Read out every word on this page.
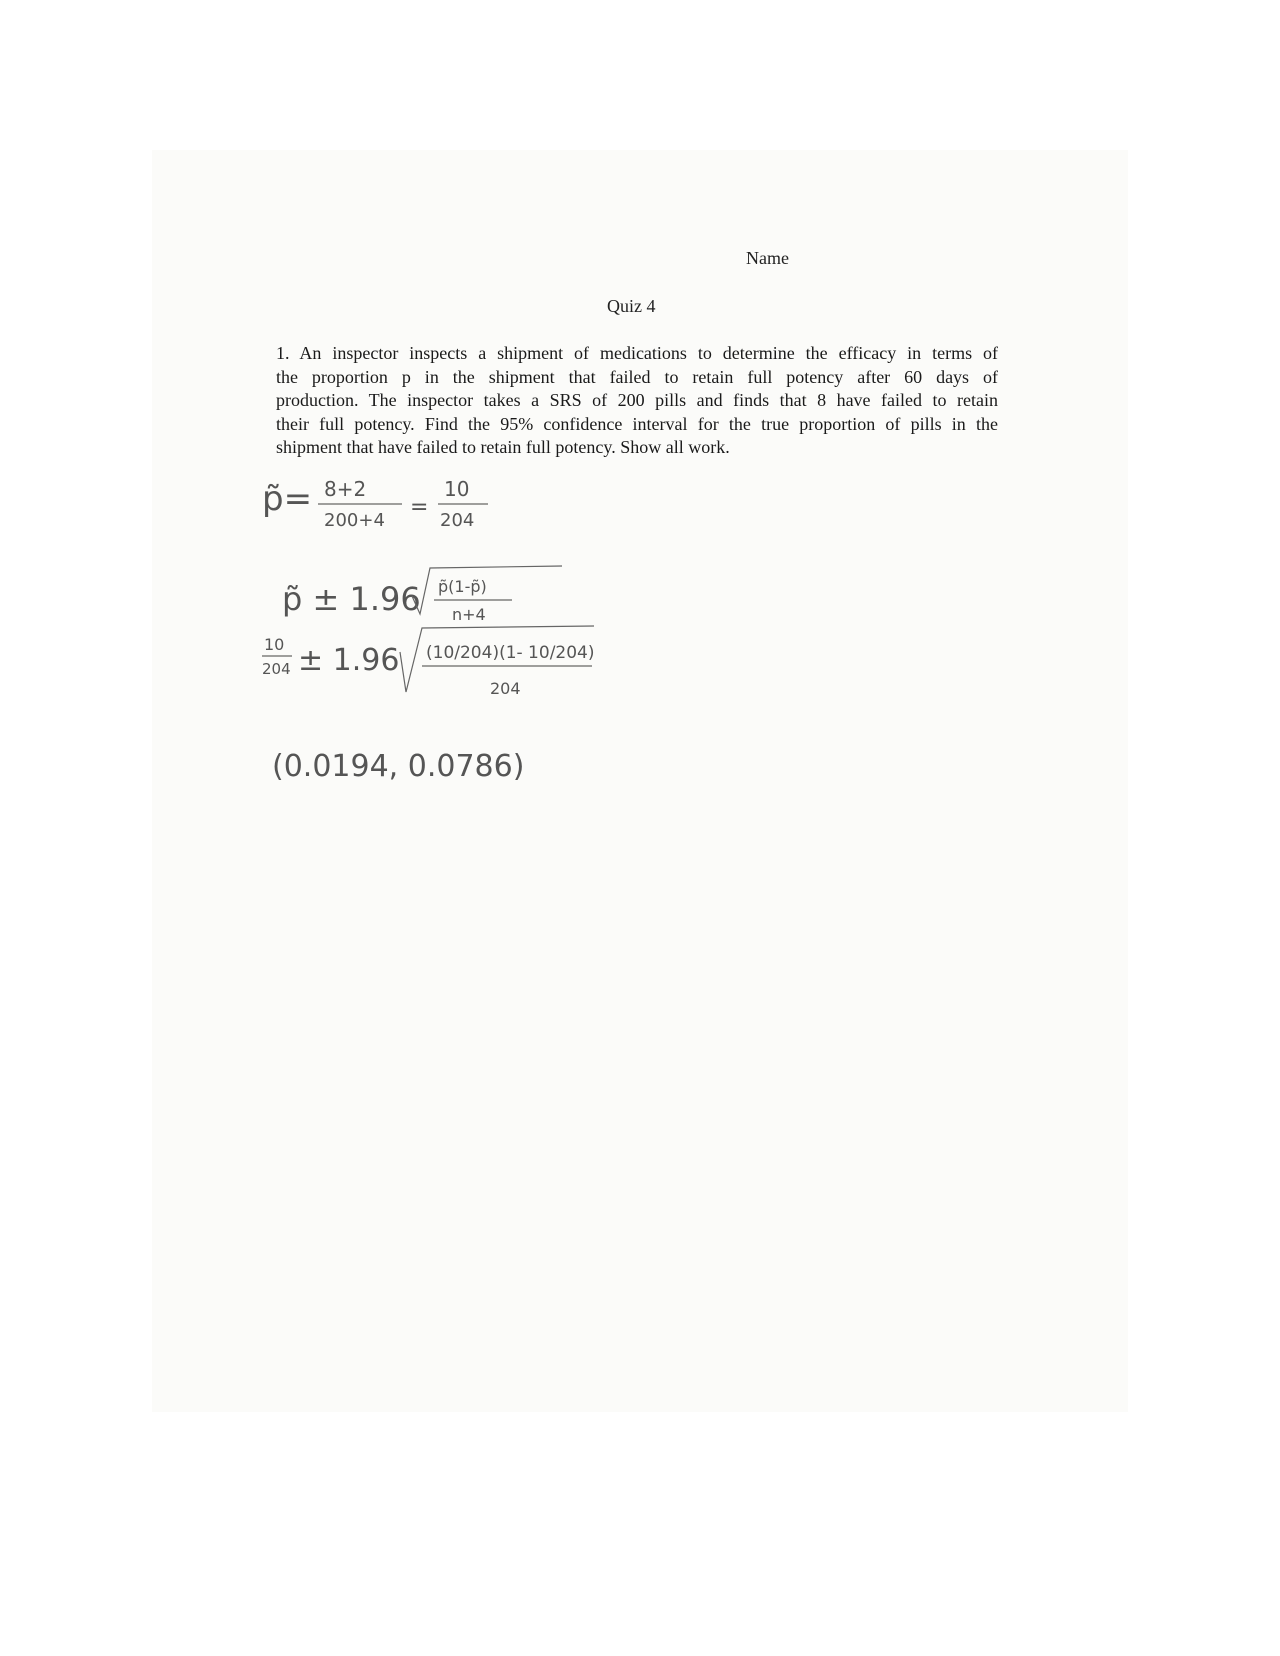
Name
Quiz 4

1. An inspector inspects a shipment of medications to determine the efficacy in terms of
the proportion p in the shipment that failed to retain full potency after 60 days of
production. The inspector takes a SRS of 200 pills and finds that 8 have failed to retain
their full potency. Find the 95% confidence interval for the true proportion of pills in the
shipment that have failed to retain full potency. Show all work.

p̃= 8+2
200+4
=
10
204
p̃ ± 1.96 p̃(1-p̃)
n+4
10
204 ± 1.96 (10/204)(1- 10/204)
204
(0.0194, 0.0786)
